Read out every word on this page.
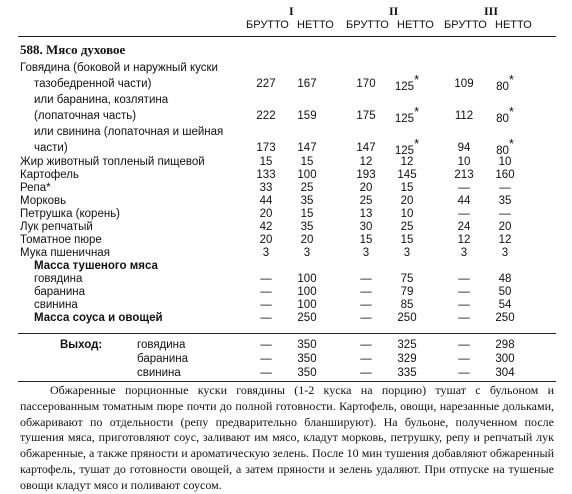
I	II	III
БРУТТО НЕТТО БРУТТО НЕТТО БРУТТО НЕТТО
588. Мясо духовое
Говядина (боковой и наружный куски
тазобедренной части)	227	167	170	125*	109	80*
или баранина, козлятина
(лопаточная часть)	222	159	175	125*	112	80*
или свинина (лопаточная и шейная
части)	173	147	147	125*	94	80*
Жир животный топленый пищевой	15	15	12	12	10	10
Картофель	133	100	193	145	213	160
Репа*	33	25	20	15	—	—
Морковь	44	35	25	20	44	35
Петрушка (корень)	20	15	13	10	—	—
Лук репчатый	42	35	30	25	24	20
Томатное пюре	20	20	15	15	12	12
Мука пшеничная	3	3	3	3	3	3
Масса тушеного мяса
говядина	—	100	—	75	—	48
баранина	—	100	—	79	—	50
свинина	—	100	—	85	—	54
Масса соуса и овощей	—	250	—	250	—	250
Выход:	говядина	—	350	—	325	—	298
баранина	—	350	—	329	—	300
свинина	—	350	—	335	—	304
Обжаренные порционные куски говядины (1-2 куска на порцию) тушат с бульоном и пассерованным томатным пюре почти до полной готовности. Картофель, овощи, нарезанные дольками, обжаривают по отдельности (репу предварительно бланшируют). На бульоне, полученном после тушения мяса, приготовляют соус, заливают им мясо, кладут морковь, петрушку, репу и репчатый лук обжаренные, а также пряности и ароматическую зелень. После 10 мин тушения добавляют обжаренный картофель, тушат до готовности овощей, а затем пряности и зелень удаляют. При отпуске на тушеные овощи кладут мясо и поливают соусом.
